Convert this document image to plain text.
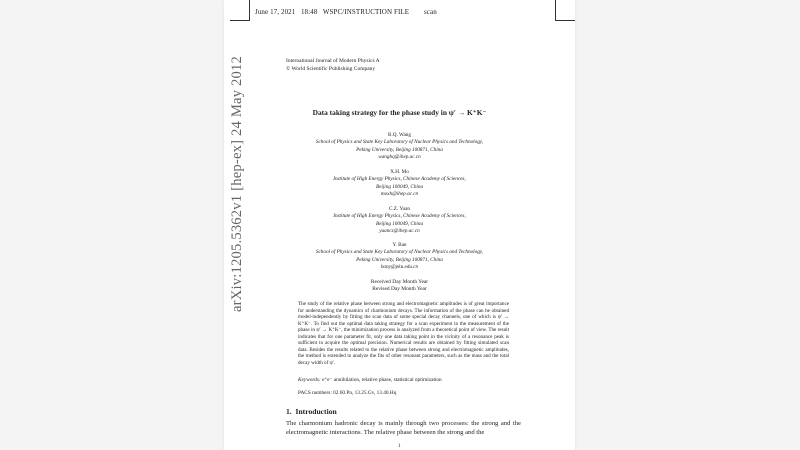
June 17, 2021 18:48 WSPC/INSTRUCTION FILE scan
arXiv:1205.5362v1 [hep-ex] 24 May 2012	International Journal of Modern Physics A
© World Scientific Publishing Company
Data taking strategy for the phase study in ψ′ → K⁺K⁻
B.Q. Wang
School of Physics and State Key Laboratory of Nuclear Physics and Technology,
Peking University, Beijing 100871, China
wangbq@ihep.ac.cn
X.H. Mo
Institute of High Energy Physics, Chinese Academy of Sciences,
Beijing 100049, China
moxh@ihep.ac.cn
C.Z. Yuan
Institute of High Energy Physics, Chinese Academy of Sciences,
Beijing 100049, China
yuancz@ihep.ac.cn
Y. Ban
School of Physics and State Key Laboratory of Nuclear Physics and Technology,
Peking University, Beijing 100871, China
bany@pku.edu.cn
Received Day Month Year
Revised Day Month Year
The study of the relative phase between strong and electromagnetic amplitudes is of great importance for understanding the dynamics of charmonium decays. The information of the phase can be obtained model-independently by fitting the scan data of some special decay channels, one of which is ψ′ → K⁺K⁻. To find out the optimal data taking strategy for a scan experiment in the measurement of the phase in ψ′ → K⁺K⁻, the minimization process is analyzed from a theoretical point of view. The result indicates that for one parameter fit, only one data taking point in the vicinity of a resonance peak is sufficient to acquire the optimal precision. Numerical results are obtained by fitting simulated scan data. Besides the results related to the relative phase between strong and electromagnetic amplitudes, the method is extended to analyze the fits of other resonant parameters, such as the mass and the total decay width of ψ′.
Keywords: e⁺e⁻ annihilation, relative phase, statistical optimization
PACS numbers: 02.60.Pn, 13.25.Gv, 13.40.Hq
1. Introduction
The charmonium hadronic decay is mainly through two processes: the strong and the electromagnetic interactions. The relative phase between the strong and the
1
